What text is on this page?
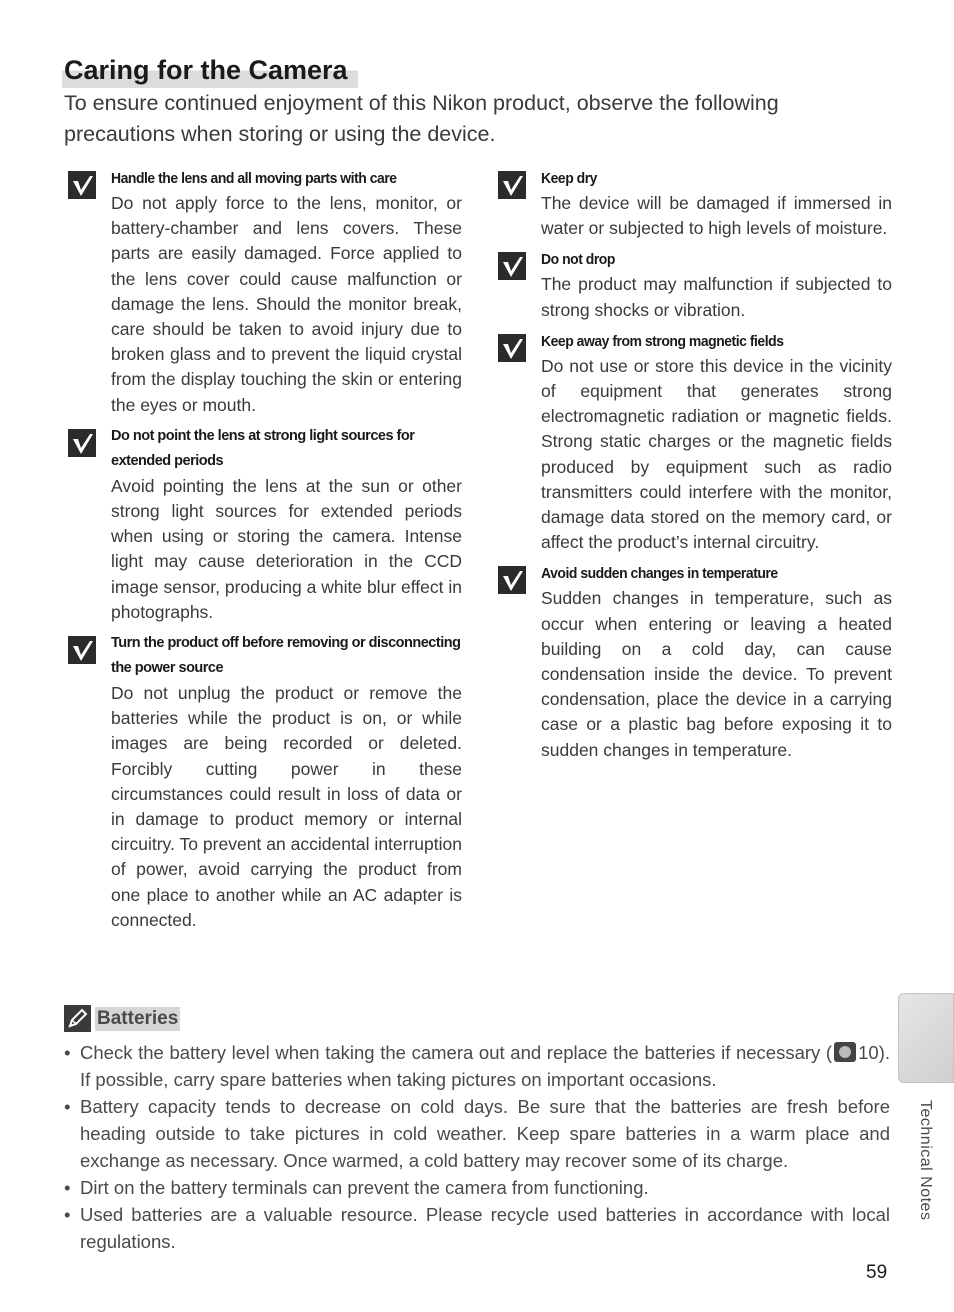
Caring for the Camera

To ensure continued enjoyment of this Nikon product, observe the following precautions when storing or using the device.

Handle the lens and all moving parts with care

Do not apply force to the lens, monitor, or battery-chamber and lens covers. These parts are easily damaged. Force applied to the lens cover could cause malfunction or damage the lens. Should the monitor break, care should be taken to avoid injury due to broken glass and to prevent the liquid crystal from the display touching the skin or entering the eyes or mouth.

Do not point the lens at strong light sources for extended periods

Avoid pointing the lens at the sun or other strong light sources for extended periods when using or storing the camera. Intense light may cause deterioration in the CCD image sensor, producing a white blur effect in photographs.

Turn the product off before removing or disconnecting the power source

Do not unplug the product or remove the batteries while the product is on, or while images are being recorded or deleted. Forcibly cutting power in these circumstances could result in loss of data or in damage to product memory or internal circuitry. To prevent an accidental interruption of power, avoid carrying the product from one place to another while an AC adapter is connected.

Keep dry

The device will be damaged if immersed in water or subjected to high levels of moisture.

Do not drop

The product may malfunction if subjected to strong shocks or vibration.

Keep away from strong magnetic fields

Do not use or store this device in the vicinity of equipment that generates strong electromagnetic radiation or magnetic fields. Strong static charges or the magnetic fields produced by equipment such as radio transmitters could interfere with the monitor, damage data stored on the memory card, or affect the product’s internal circuitry.

Avoid sudden changes in temperature

Sudden changes in temperature, such as occur when entering or leaving a heated building on a cold day, can cause condensation inside the device. To prevent condensation, place the device in a carrying case or a plastic bag before exposing it to sudden changes in temperature.

Batteries
• Check the battery level when taking the camera out and replace the batteries if necessary ( 10). If possible, carry spare batteries when taking pictures on important occasions.
• Battery capacity tends to decrease on cold days. Be sure that the batteries are fresh before heading outside to take pictures in cold weather. Keep spare batteries in a warm place and exchange as necessary. Once warmed, a cold battery may recover some of its charge.
• Dirt on the battery terminals can prevent the camera from functioning.
• Used batteries are a valuable resource. Please recycle used batteries in accordance with local regulations.
Technical Notes
59
